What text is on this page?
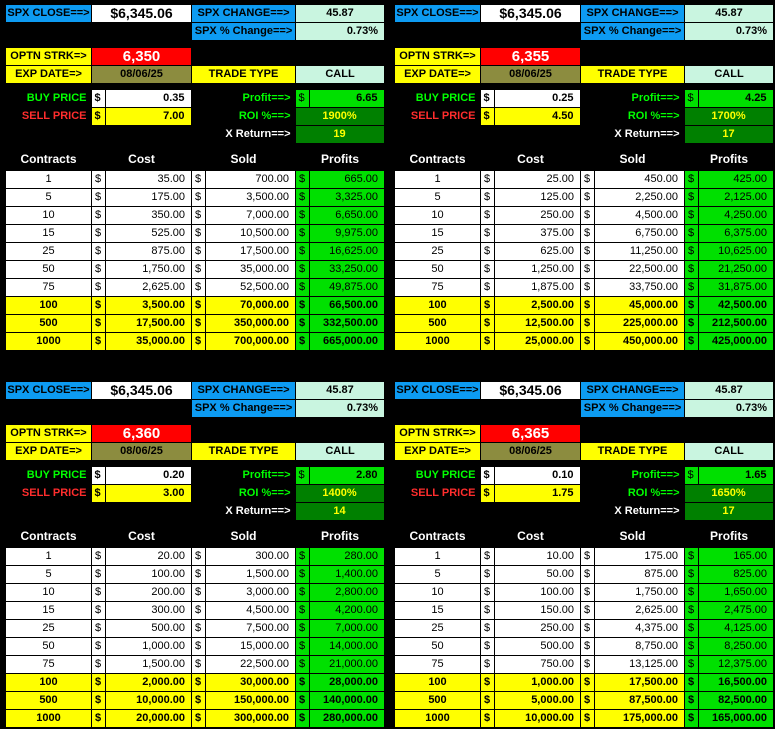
SPX CLOSE==>	$6,345.06	SPX CHANGE==>	45.87
		SPX % Change==>	0.73%
OPTN STRK=>	6,350		
EXP DATE=>	08/06/25	TRADE TYPE	CALL
BUY PRICE	$	0.35	Profit==>	$	6.65
SELL PRICE	$	7.00	ROI %==>	1900%	
			X Return==>	19	
Contracts	Cost		Sold		Profits	
1	$	35.00	$	700.00	$	665.00
5	$	175.00	$	3,500.00	$	3,325.00
10	$	350.00	$	7,000.00	$	6,650.00
15	$	525.00	$	10,500.00	$	9,975.00
25	$	875.00	$	17,500.00	$	16,625.00
50	$	1,750.00	$	35,000.00	$	33,250.00
75	$	2,625.00	$	52,500.00	$	49,875.00
100	$	3,500.00	$	70,000.00	$	66,500.00
500	$	17,500.00	$	350,000.00	$	332,500.00
1000	$	35,000.00	$	700,000.00	$	665,000.00
SPX CLOSE==>	$6,345.06	SPX CHANGE==>	45.87
		SPX % Change==>	0.73%
OPTN STRK=>	6,355		
EXP DATE=>	08/06/25	TRADE TYPE	CALL
BUY PRICE	$	0.25	Profit==>	$	4.25
SELL PRICE	$	4.50	ROI %==>	1700%	
			X Return==>	17	
Contracts	Cost		Sold		Profits	
1	$	25.00	$	450.00	$	425.00
5	$	125.00	$	2,250.00	$	2,125.00
10	$	250.00	$	4,500.00	$	4,250.00
15	$	375.00	$	6,750.00	$	6,375.00
25	$	625.00	$	11,250.00	$	10,625.00
50	$	1,250.00	$	22,500.00	$	21,250.00
75	$	1,875.00	$	33,750.00	$	31,875.00
100	$	2,500.00	$	45,000.00	$	42,500.00
500	$	12,500.00	$	225,000.00	$	212,500.00
1000	$	25,000.00	$	450,000.00	$	425,000.00
SPX CLOSE==>	$6,345.06	SPX CHANGE==>	45.87
		SPX % Change==>	0.73%
OPTN STRK=>	6,360		
EXP DATE=>	08/06/25	TRADE TYPE	CALL
BUY PRICE	$	0.20	Profit==>	$	2.80
SELL PRICE	$	3.00	ROI %==>	1400%	
			X Return==>	14	
Contracts	Cost		Sold		Profits	
1	$	20.00	$	300.00	$	280.00
5	$	100.00	$	1,500.00	$	1,400.00
10	$	200.00	$	3,000.00	$	2,800.00
15	$	300.00	$	4,500.00	$	4,200.00
25	$	500.00	$	7,500.00	$	7,000.00
50	$	1,000.00	$	15,000.00	$	14,000.00
75	$	1,500.00	$	22,500.00	$	21,000.00
100	$	2,000.00	$	30,000.00	$	28,000.00
500	$	10,000.00	$	150,000.00	$	140,000.00
1000	$	20,000.00	$	300,000.00	$	280,000.00
SPX CLOSE==>	$6,345.06	SPX CHANGE==>	45.87
		SPX % Change==>	0.73%
OPTN STRK=>	6,365		
EXP DATE=>	08/06/25	TRADE TYPE	CALL
BUY PRICE	$	0.10	Profit==>	$	1.65
SELL PRICE	$	1.75	ROI %==>	1650%	
			X Return==>	17	
Contracts	Cost		Sold		Profits	
1	$	10.00	$	175.00	$	165.00
5	$	50.00	$	875.00	$	825.00
10	$	100.00	$	1,750.00	$	1,650.00
15	$	150.00	$	2,625.00	$	2,475.00
25	$	250.00	$	4,375.00	$	4,125.00
50	$	500.00	$	8,750.00	$	8,250.00
75	$	750.00	$	13,125.00	$	12,375.00
100	$	1,000.00	$	17,500.00	$	16,500.00
500	$	5,000.00	$	87,500.00	$	82,500.00
1000	$	10,000.00	$	175,000.00	$	165,000.00
